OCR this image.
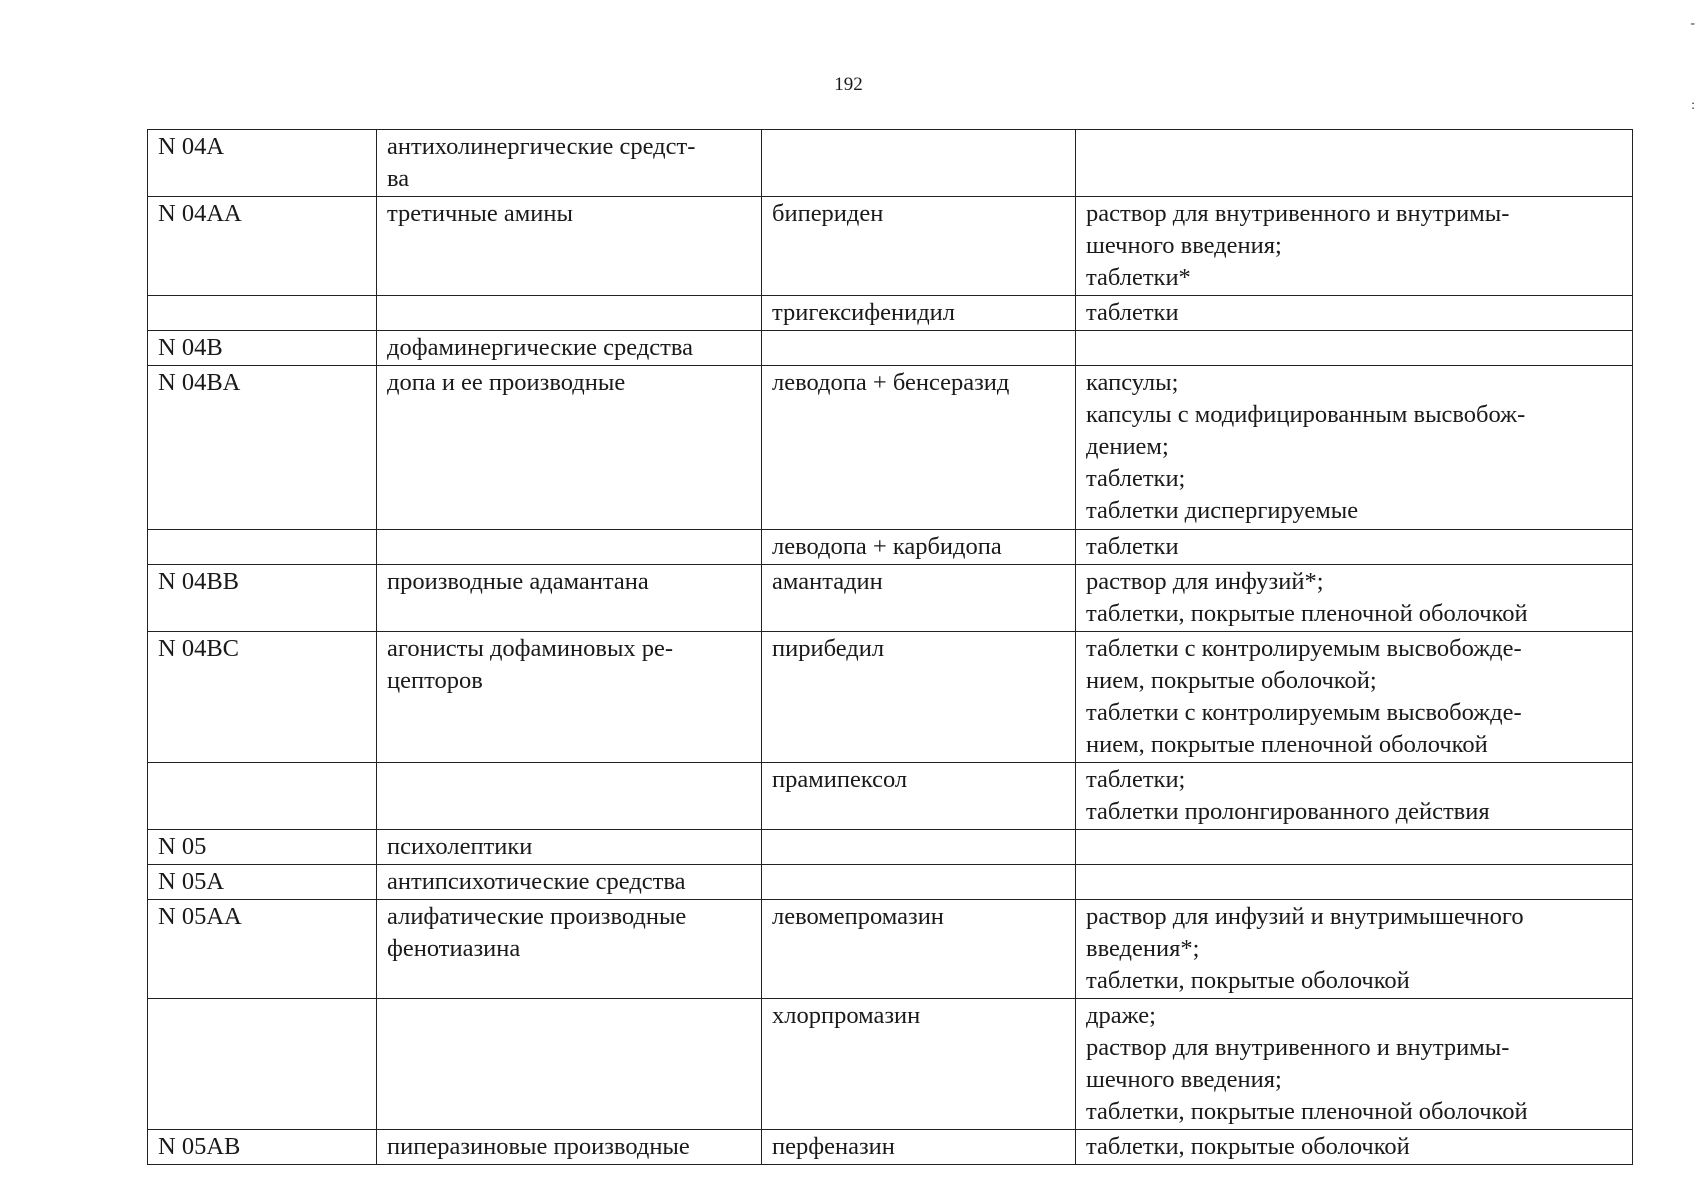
192
-
:
N 04A	антихолинергические средст-
ва		
N 04AA	третичные амины	бипериден	раствор для внутривенного и внутримы-
шечного введения;
таблетки*
		тригексифенидил	таблетки
N 04B	дофаминергические средства		
N 04BA	допа и ее производные	леводопа + бенсеразид	капсулы;
капсулы с модифицированным высвобож-
дением;
таблетки;
таблетки диспергируемые
		леводопа + карбидопа	таблетки
N 04BB	производные адамантана	амантадин	раствор для инфузий*;
таблетки, покрытые пленочной оболочкой
N 04BC	агонисты дофаминовых ре-
цепторов	пирибедил	таблетки с контролируемым высвобожде-
нием, покрытые оболочкой;
таблетки с контролируемым высвобожде-
нием, покрытые пленочной оболочкой
		прамипексол	таблетки;
таблетки пролонгированного действия
N 05	психолептики		
N 05A	антипсихотические средства		
N 05AA	алифатические производные
фенотиазина	левомепромазин	раствор для инфузий и внутримышечного
введения*;
таблетки, покрытые оболочкой
		хлорпромазин	драже;
раствор для внутривенного и внутримы-
шечного введения;
таблетки, покрытые пленочной оболочкой
N 05AB	пиперазиновые производные	перфеназин	таблетки, покрытые оболочкой
